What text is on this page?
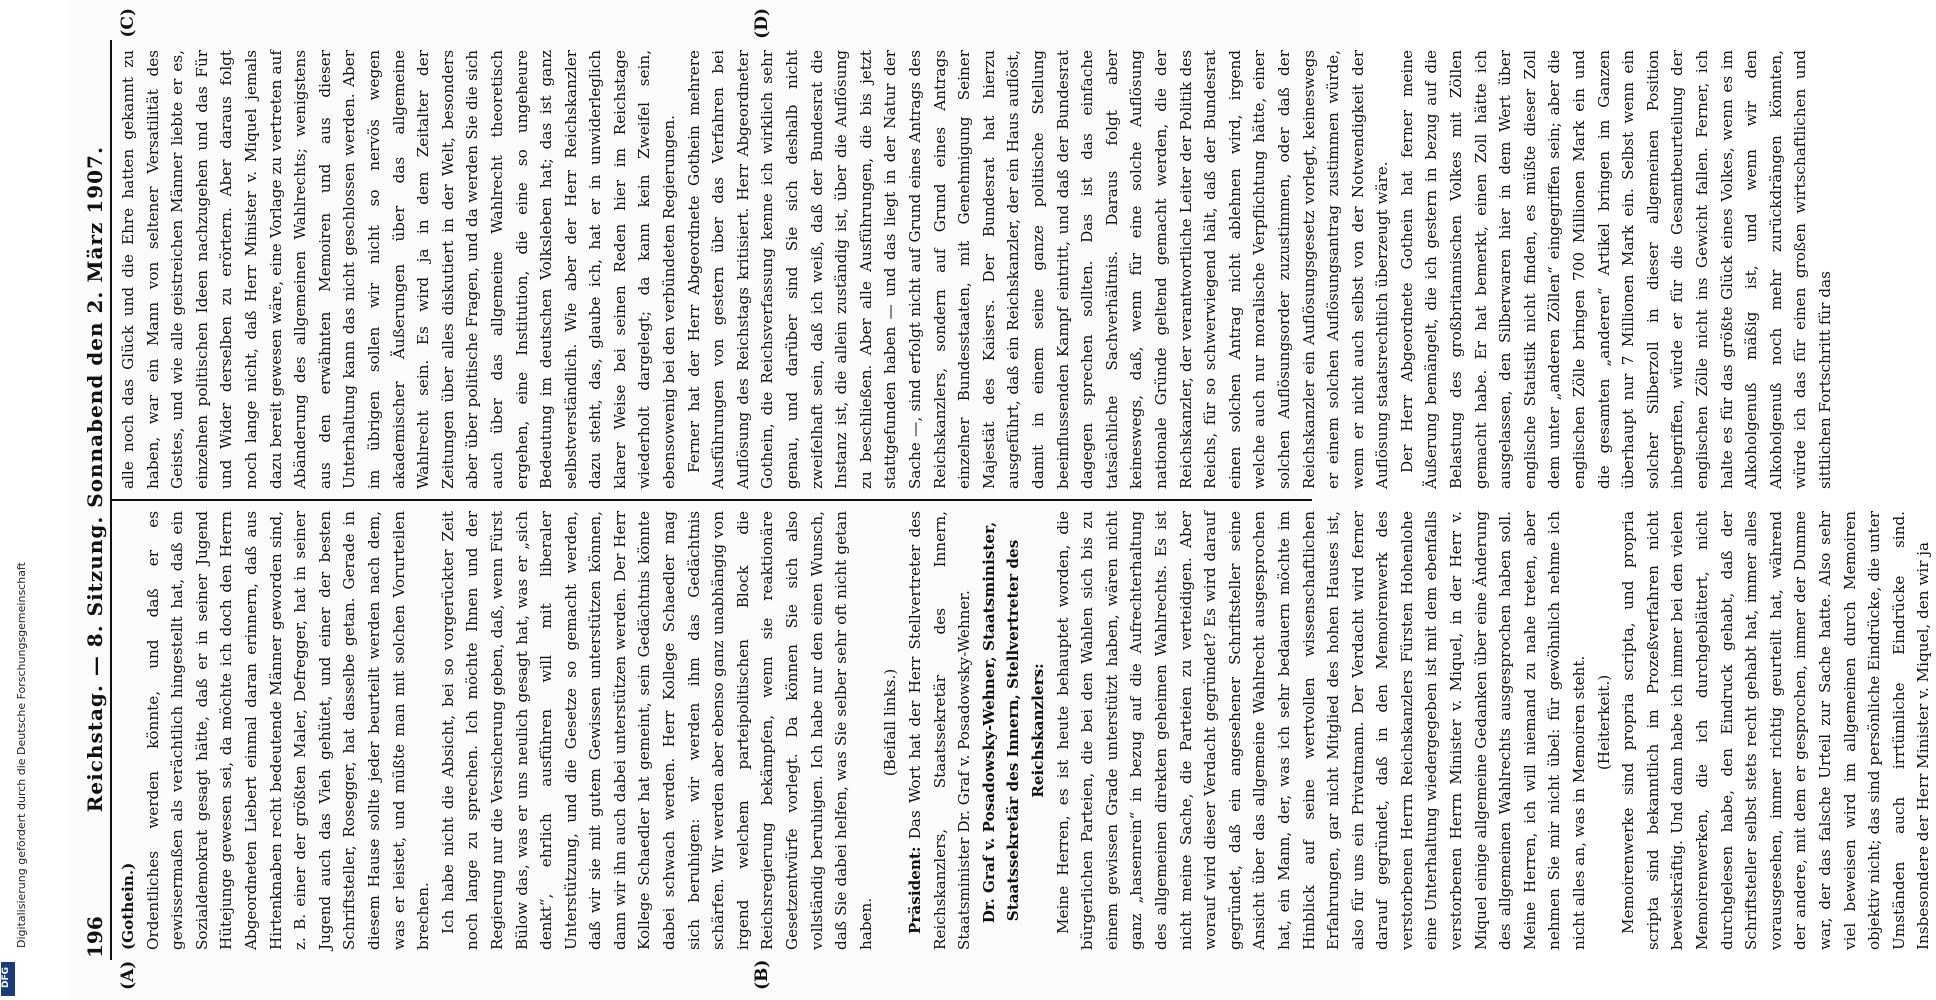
DFG
Digitalisierung gefördert durch die Deutsche Forschungsgemeinschaft	196
Reichstag. — 8. Sitzung. Sonnabend den 2. März 1907.
(A)	(B)
(C)	(D)

(Gothein.) Ordentliches werden könnte, und daß er es gewissermaßen als verächtlich hingestellt hat, daß ein Sozialdemokrat gesagt hätte, daß er in seiner Jugend Hütejunge gewesen sei, da möchte ich doch den Herrn Abgeordneten Liebert einmal daran erinnern, daß aus Hirtenknaben recht bedeutende Männer geworden sind, z. B. einer der größten Maler, Defregger, hat in seiner Jugend auch das Vieh gehütet, und einer der besten Schriftsteller, Rosegger, hat dasselbe getan. Gerade in diesem Hause sollte jeder beurteilt werden nach dem, was er leistet, und müßte man mit solchen Vorurteilen brechen. Ich habe nicht die Absicht, bei so vorgerückter Zeit noch lange zu sprechen. Ich möchte Ihnen und der Regierung nur die Versicherung geben, daß, wenn Fürst Bülow das, was er uns neulich gesagt hat, was er „sich denkt“, ehrlich ausführen will mit liberaler Unterstützung, und die Gesetze so gemacht werden, daß wir sie mit gutem Gewissen unterstützen können, dann wir ihn auch dabei unterstützen werden. Der Herr Kollege Schaedler hat gemeint, sein Gedächtnis könnte dabei schwach werden. Herr Kollege Schaedler mag sich beruhigen: wir werden ihm das Gedächtnis schärfen. Wir werden aber ebenso ganz unabhängig von irgend welchem parteipolitischen Block die Reichsregierung bekämpfen, wenn sie reaktionäre Gesetzentwürfe vorlegt. Da können Sie sich also vollständig beruhigen. Ich habe nur den einen Wunsch, daß Sie dabei helfen, was Sie selber sehr oft nicht getan haben.

(Beifall links.)

Präsident: Das Wort hat der Herr Stellvertreter des Reichskanzlers, Staatssekretär des Innern, Staatsminister Dr. Graf v. Posadowsky-Wehner. Dr. Graf v. Posadowsky-Wehner, Staatsminister, Staatssekretär des Innern, Stellvertreter des Reichskanzlers: Meine Herren, es ist heute behauptet worden, die bürgerlichen Parteien, die bei den Wahlen sich bis zu einem gewissen Grade unterstützt haben, wären nicht ganz „hasenrein“ in bezug auf die Aufrechterhaltung des allgemeinen direkten geheimen Wahlrechts. Es ist nicht meine Sache, die Parteien zu verteidigen. Aber worauf wird dieser Verdacht gegründet? Es wird darauf gegründet, daß ein angesehener Schriftsteller seine Ansicht über das allgemeine Wahlrecht ausgesprochen hat, ein Mann, der, was ich sehr bedauern möchte im Hinblick auf seine wertvollen wissenschaftlichen Erfahrungen, gar nicht Mitglied des hohen Hauses ist, also für uns ein Privatmann. Der Verdacht wird ferner darauf gegründet, daß in den Memoirenwerk des verstorbenen Herrn Reichskanzlers Fürsten Hohenlohe eine Unterhaltung wiedergegeben ist mit dem ebenfalls verstorbenen Herrn Minister v. Miquel, in der Herr v. Miquel einige allgemeine Gedanken über eine Änderung des allgemeinen Wahlrechts ausgesprochen haben soll. Meine Herren, ich will niemand zu nahe treten, aber nehmen Sie mir nicht übel: für gewöhnlich nehme ich nicht alles an, was in Memoiren steht. (Heiterkeit.) Memoirenwerke sind propria scripta, und propria scripta sind bekanntlich im Prozeßverfahren nicht beweiskräftig. Und dann habe ich immer bei den vielen Memoirenwerken, die ich durchgeblättert, nicht durchgelesen habe, den Eindruck gehabt, daß der Schriftsteller selbst stets recht gehabt hat, immer alles vorausgesehen, immer richtig geurteilt hat, während der andere, mit dem er gesprochen, immer der Dumme war, der das falsche Urteil zur Sache hatte. Also sehr viel beweisen wird im allgemeinen durch Memoiren objektiv nicht; das sind persönliche Eindrücke, die unter Umständen auch irrtümliche Eindrücke sind. Insbesondere der Herr Minister v. Miquel, den wir ja

alle noch das Glück und die Ehre hatten gekannt zu haben, war ein Mann von seltener Versatilität des Geistes, und wie alle geistreichen Männer liebte er es, einzelnen politischen Ideen nachzugehen und das Für und Wider derselben zu erörtern. Aber daraus folgt noch lange nicht, daß Herr Minister v. Miquel jemals dazu bereit gewesen wäre, eine Vorlage zu vertreten auf Abänderung des allgemeinen Wahlrechts; wenigstens aus den erwähnten Memoiren und aus dieser Unterhaltung kann das nicht geschlossen werden. Aber im übrigen sollen wir nicht so nervös wegen akademischer Äußerungen über das allgemeine Wahlrecht sein. Es wird ja in dem Zeitalter der Zeitungen über alles diskutiert in der Welt, besonders aber über politische Fragen, und da werden Sie die sich auch über das allgemeine Wahlrecht theoretisch ergehen, eine Institution, die eine so ungeheure Bedeutung im deutschen Volksleben hat; das ist ganz selbstverständlich. Wie aber der Herr Reichskanzler dazu steht, das, glaube ich, hat er in unwiderleglich klarer Weise bei seinen Reden hier im Reichstage wiederholt dargelegt; da kann kein Zweifel sein, ebensowenig bei den verbündeten Regierungen. Ferner hat der Herr Abgeordnete Gothein mehrere Ausführungen von gestern über das Verfahren bei Auflösung des Reichstags kritisiert. Herr Abgeordneter Gothein, die Reichsverfassung kenne ich wirklich sehr genau, und darüber sind Sie sich deshalb nicht zweifelhaft sein, daß ich weiß, daß der Bundesrat die Instanz ist, die allein zuständig ist, über die Auflösung zu beschließen. Aber alle Ausführungen, die bis jetzt stattgefunden haben — und das liegt in der Natur der Sache —, sind erfolgt nicht auf Grund eines Antrags des Reichskanzlers, sondern auf Grund eines Antrags einzelner Bundesstaaten, mit Genehmigung Seiner Majestät des Kaisers. Der Bundesrat hat hierzu ausgeführt, daß ein Reichskanzler, der ein Haus auflöst, damit in einem seine ganze politische Stellung beeinflussenden Kampf eintritt, und daß der Bundesrat dagegen sprechen sollten. Das ist das einfache tatsächliche Sachverhältnis. Daraus folgt aber keineswegs, daß, wenn für eine solche Auflösung nationale Gründe geltend gemacht werden, die der Reichskanzler, der verantwortliche Leiter der Politik des Reichs, für so schwerwiegend hält, daß der Bundesrat einen solchen Antrag nicht ablehnen wird, irgend welche auch nur moralische Verpflichtung hätte, einer solchen Auflösungsorder zuzustimmen, oder daß der Reichskanzler ein Auflösungsgesetz vorlegt, keineswegs er einem solchen Auflösungsantrag zustimmen würde, wenn er nicht auch selbst von der Notwendigkeit der Auflösung staatsrechtlich überzeugt wäre. Der Herr Abgeordnete Gothein hat ferner meine Äußerung bemängelt, die ich gestern in bezug auf die Belastung des großbritannischen Volkes mit Zöllen gemacht habe. Er hat bemerkt, einen Zoll hätte ich ausgelassen, den Silberwaren hier in dem Wert über englische Statistik nicht finden, es müßte dieser Zoll dem unter „anderen Zöllen“ eingegriffen sein; aber die englischen Zölle bringen 700 Millionen Mark ein und die gesamten „anderen“ Artikel bringen im Ganzen überhaupt nur 7 Millionen Mark ein. Selbst wenn ein solcher Silberzoll in dieser allgemeinen Position inbegriffen, würde er für die Gesamtbeurteilung der englischen Zölle nicht ins Gewicht fallen. Ferner, ich halte es für das größte Glück eines Volkes, wenn es im Alkoholgenuß mäßig ist, und wenn wir den Alkoholgenuß noch mehr zurückdrängen könnten, würde ich das für einen großen wirtschaftlichen und sittlichen Fortschritt für das
